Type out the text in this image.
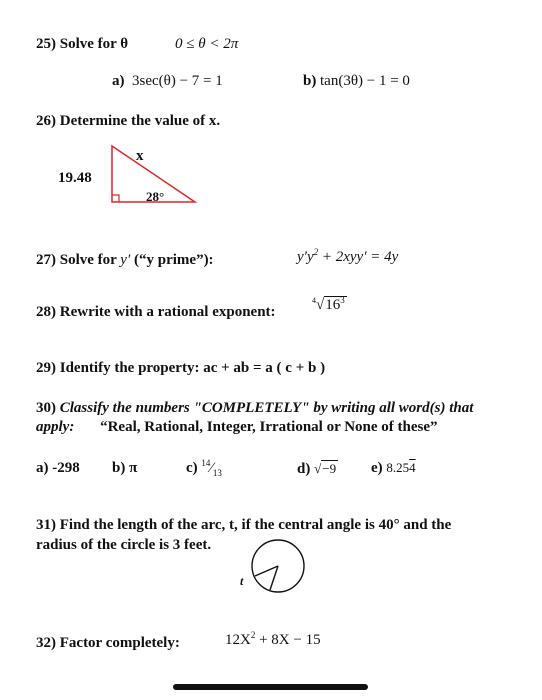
25) Solve for θ	0 ≤ θ < 2π
a) 3sec(θ) − 7 = 1	b) tan(3θ) − 1 = 0
26) Determine the value of x.
19.48
x
28°
27) Solve for y′ (“y prime”):	$y'y^2 + 2xyy' = 4y$
28) Rewrite with a rational exponent:
$^4√16^3$
29) Identify the property: ac + ab = a ( c + b )
30) Classify the numbers "COMPLETELY" by writing all word(s) that
apply: “Real, Rational, Integer, Irrational or None of these”
a) -298 b) π	c) $^{14}⁄_{13}$	d) √−9 e) 8.254
31) Find the length of the arc, t, if the central angle is 40° and the
radius of the circle is 3 feet.
t
32) Factor completely:	$12X^2 + 8X - 15$
